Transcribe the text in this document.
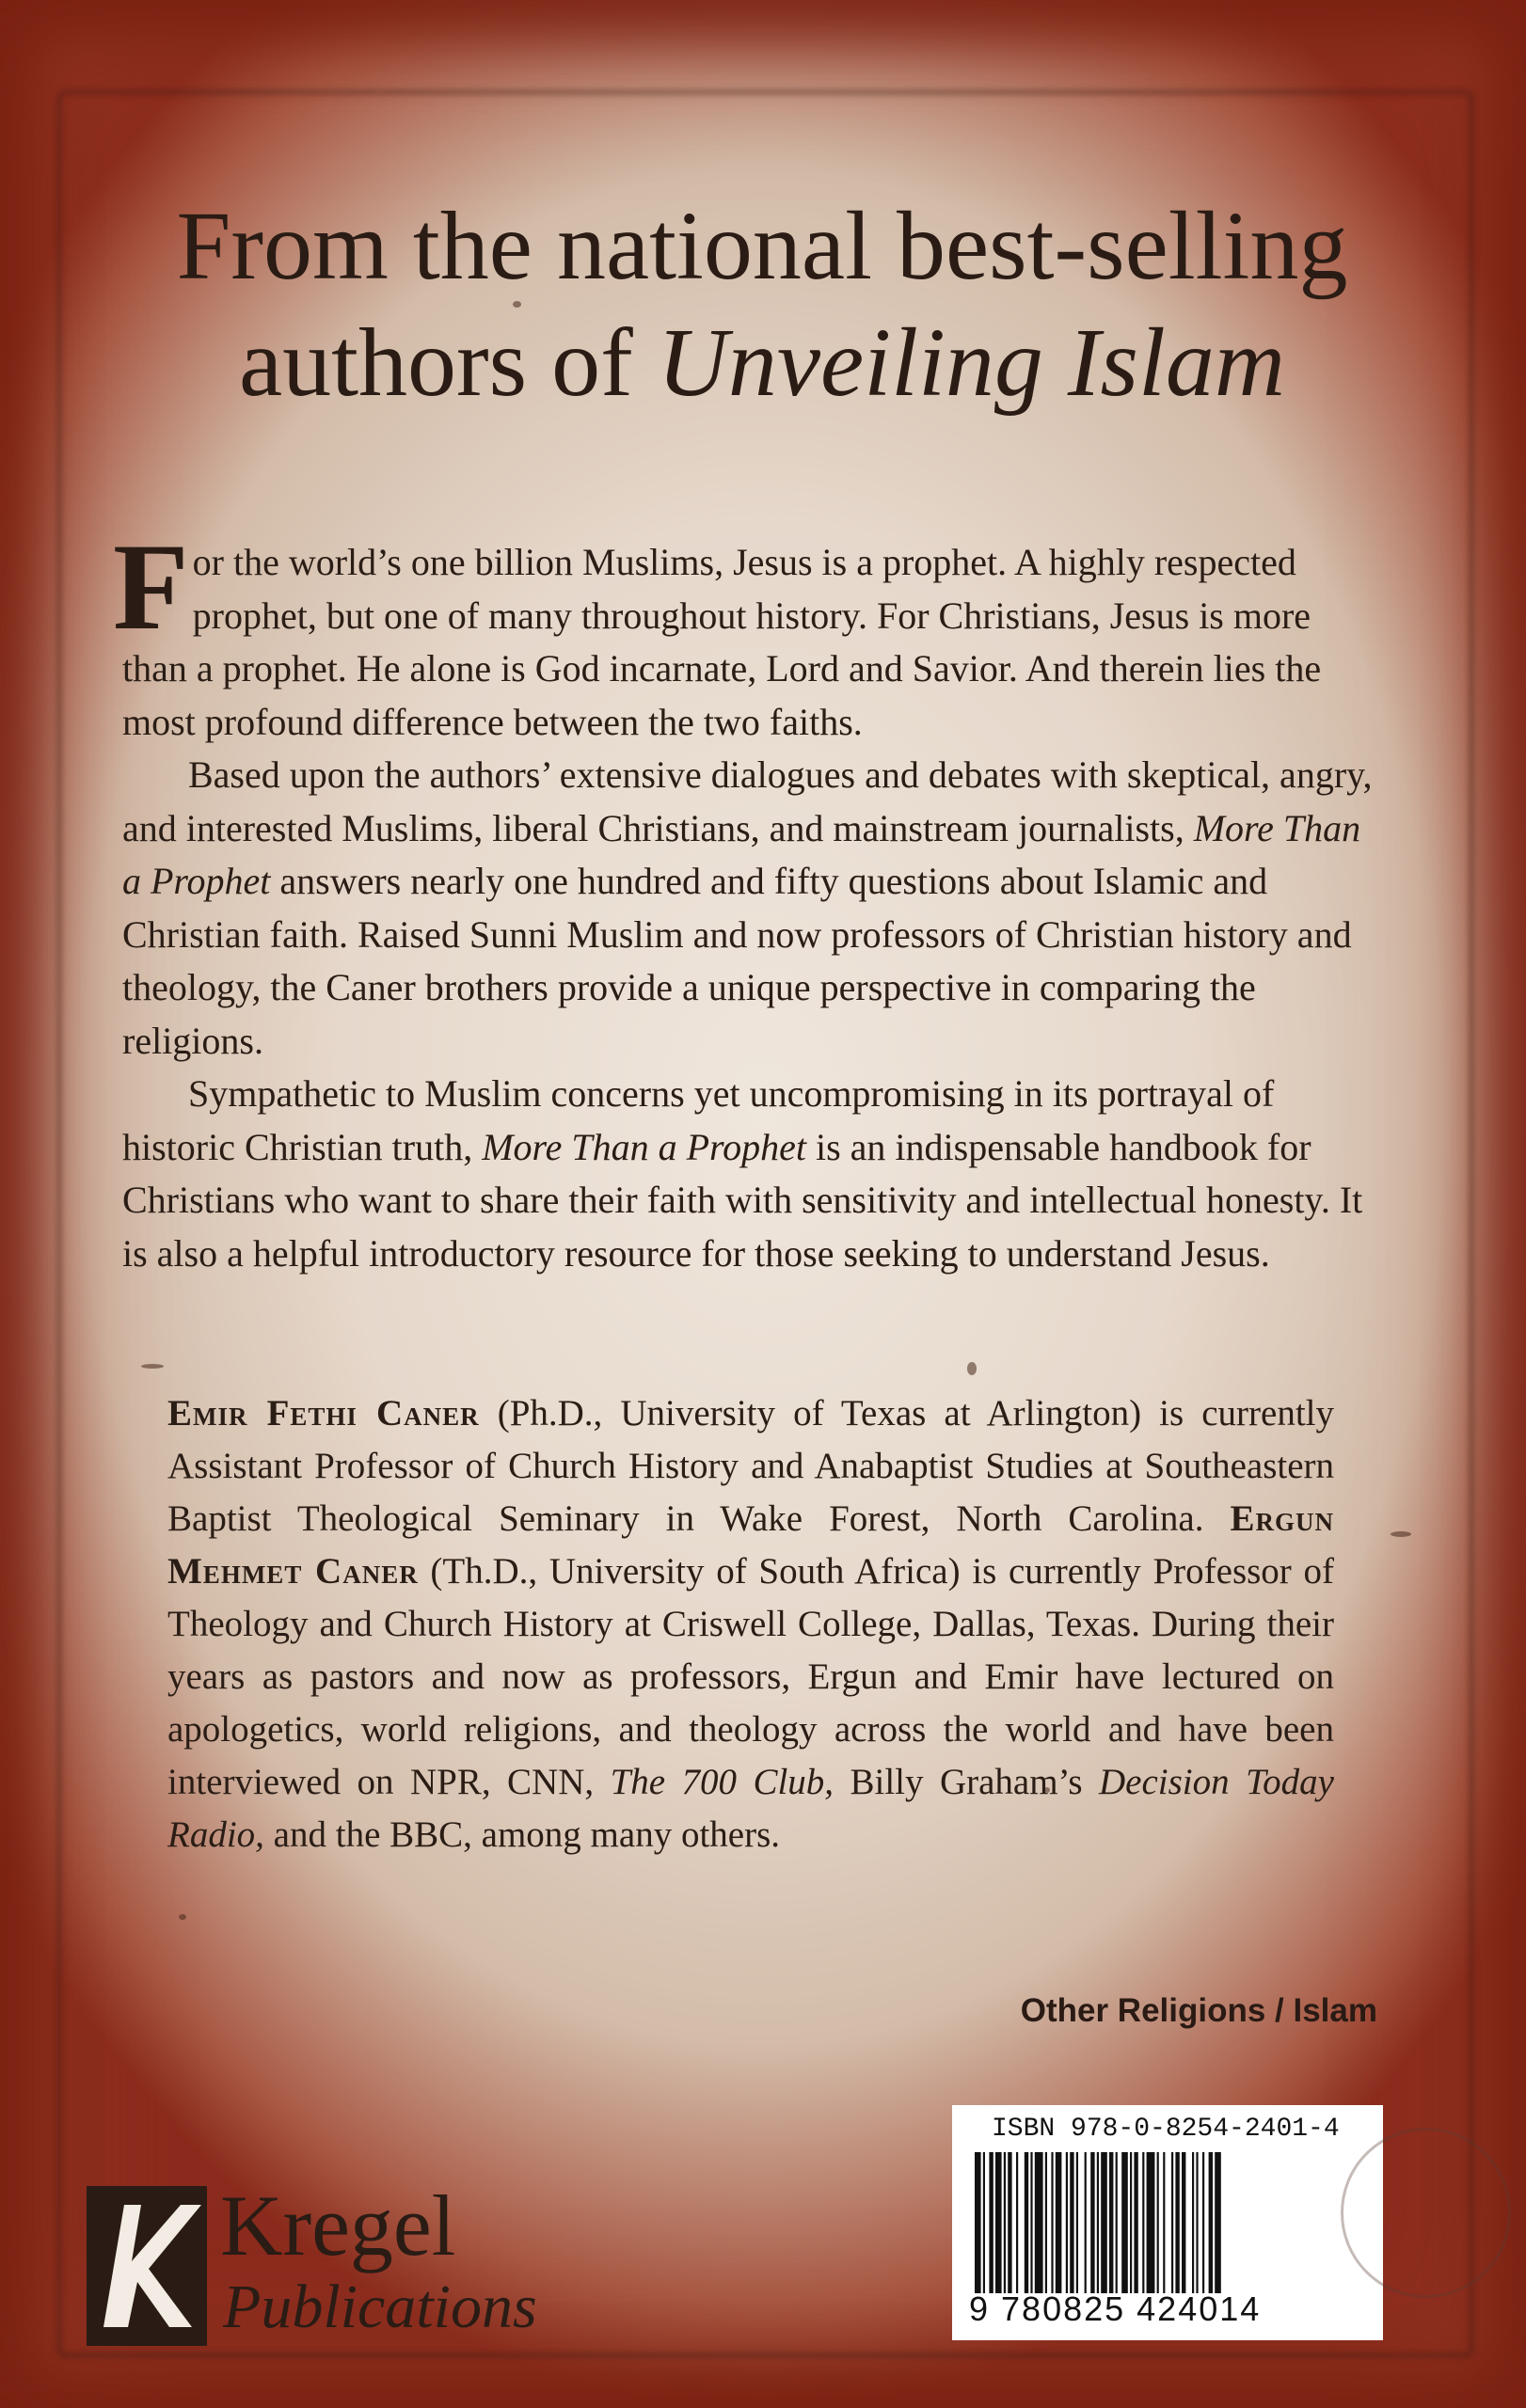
From the national best-selling
authors of Unveiling Islam

For the world’s one billion Muslims, Jesus is a prophet. A highly respected prophet, but one of many throughout history. For Christians, Jesus is more than a prophet. He alone is God incarnate, Lord and Savior. And therein lies the most profound difference between the two faiths.

Based upon the authors’ extensive dialogues and debates with skeptical, angry, and interested Muslims, liberal Christians, and mainstream journalists, More Than a Prophet answers nearly one hundred and fifty questions about Islamic and Christian faith. Raised Sunni Muslim and now professors of Christian history and theology, the Caner brothers provide a unique perspective in comparing the religions.

Sympathetic to Muslim concerns yet uncompromising in its portrayal of historic Christian truth, More Than a Prophet is an indispensable handbook for Christians who want to share their faith with sensitivity and intellectual honesty. It is also a helpful introductory resource for those seeking to understand Jesus.

Emir Fethi Caner (Ph.D., University of Texas at Arlington) is currently Assistant Professor of Church History and Anabaptist Studies at Southeastern Baptist Theological Seminary in Wake Forest, North Carolina. Ergun Mehmet Caner (Th.D., University of South Africa) is currently Professor of Theology and Church History at Criswell College, Dallas, Texas. During their years as pastors and now as professors, Ergun and Emir have lectured on apologetics, world religions, and theology across the world and have been interviewed on NPR, CNN, The 700 Club, Billy Graham’s Decision Today Radio, and the BBC, among many others.

Other Religions / Islam
Kregel
Publications
ISBN 978-0-8254-2401-4
9 780825 424014
